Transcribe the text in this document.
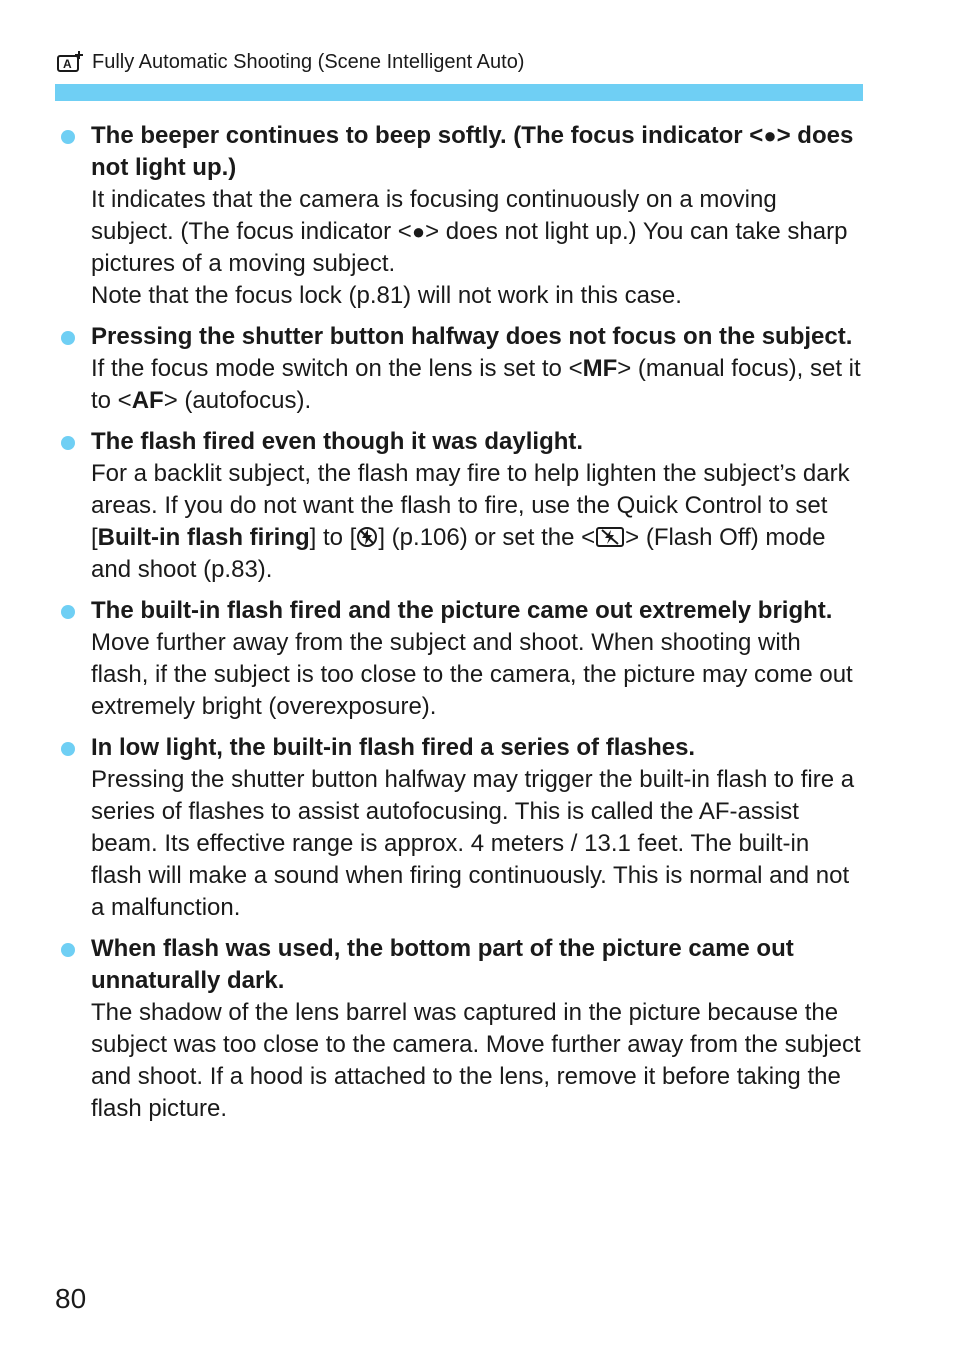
A Fully Automatic Shooting (Scene Intelligent Auto)

The beeper continues to beep softly. (The focus indicator <●> does not light up.)

It indicates that the camera is focusing continuously on a moving subject. (The focus indicator <●> does not light up.) You can take sharp pictures of a moving subject.

Note that the focus lock (p.81) will not work in this case.

Pressing the shutter button halfway does not focus on the subject.

If the focus mode switch on the lens is set to <MF> (manual focus), set it to <AF> (autofocus).

The flash fired even though it was daylight.

For a backlit subject, the flash may fire to help lighten the subject’s dark areas. If you do not want the flash to fire, use the Quick Control to set [Built-in flash firing] to [ ] (p.106) or set the < > (Flash Off) mode and shoot (p.83).

The built-in flash fired and the picture came out extremely bright.

Move further away from the subject and shoot. When shooting with flash, if the subject is too close to the camera, the picture may come out extremely bright (overexposure).

In low light, the built-in flash fired a series of flashes.

Pressing the shutter button halfway may trigger the built-in flash to fire a series of flashes to assist autofocusing. This is called the AF-assist beam. Its effective range is approx. 4 meters / 13.1 feet. The built-in flash will make a sound when firing continuously. This is normal and not a malfunction.

When flash was used, the bottom part of the picture came out unnaturally dark.

The shadow of the lens barrel was captured in the picture because the subject was too close to the camera. Move further away from the subject and shoot. If a hood is attached to the lens, remove it before taking the flash picture.

80
